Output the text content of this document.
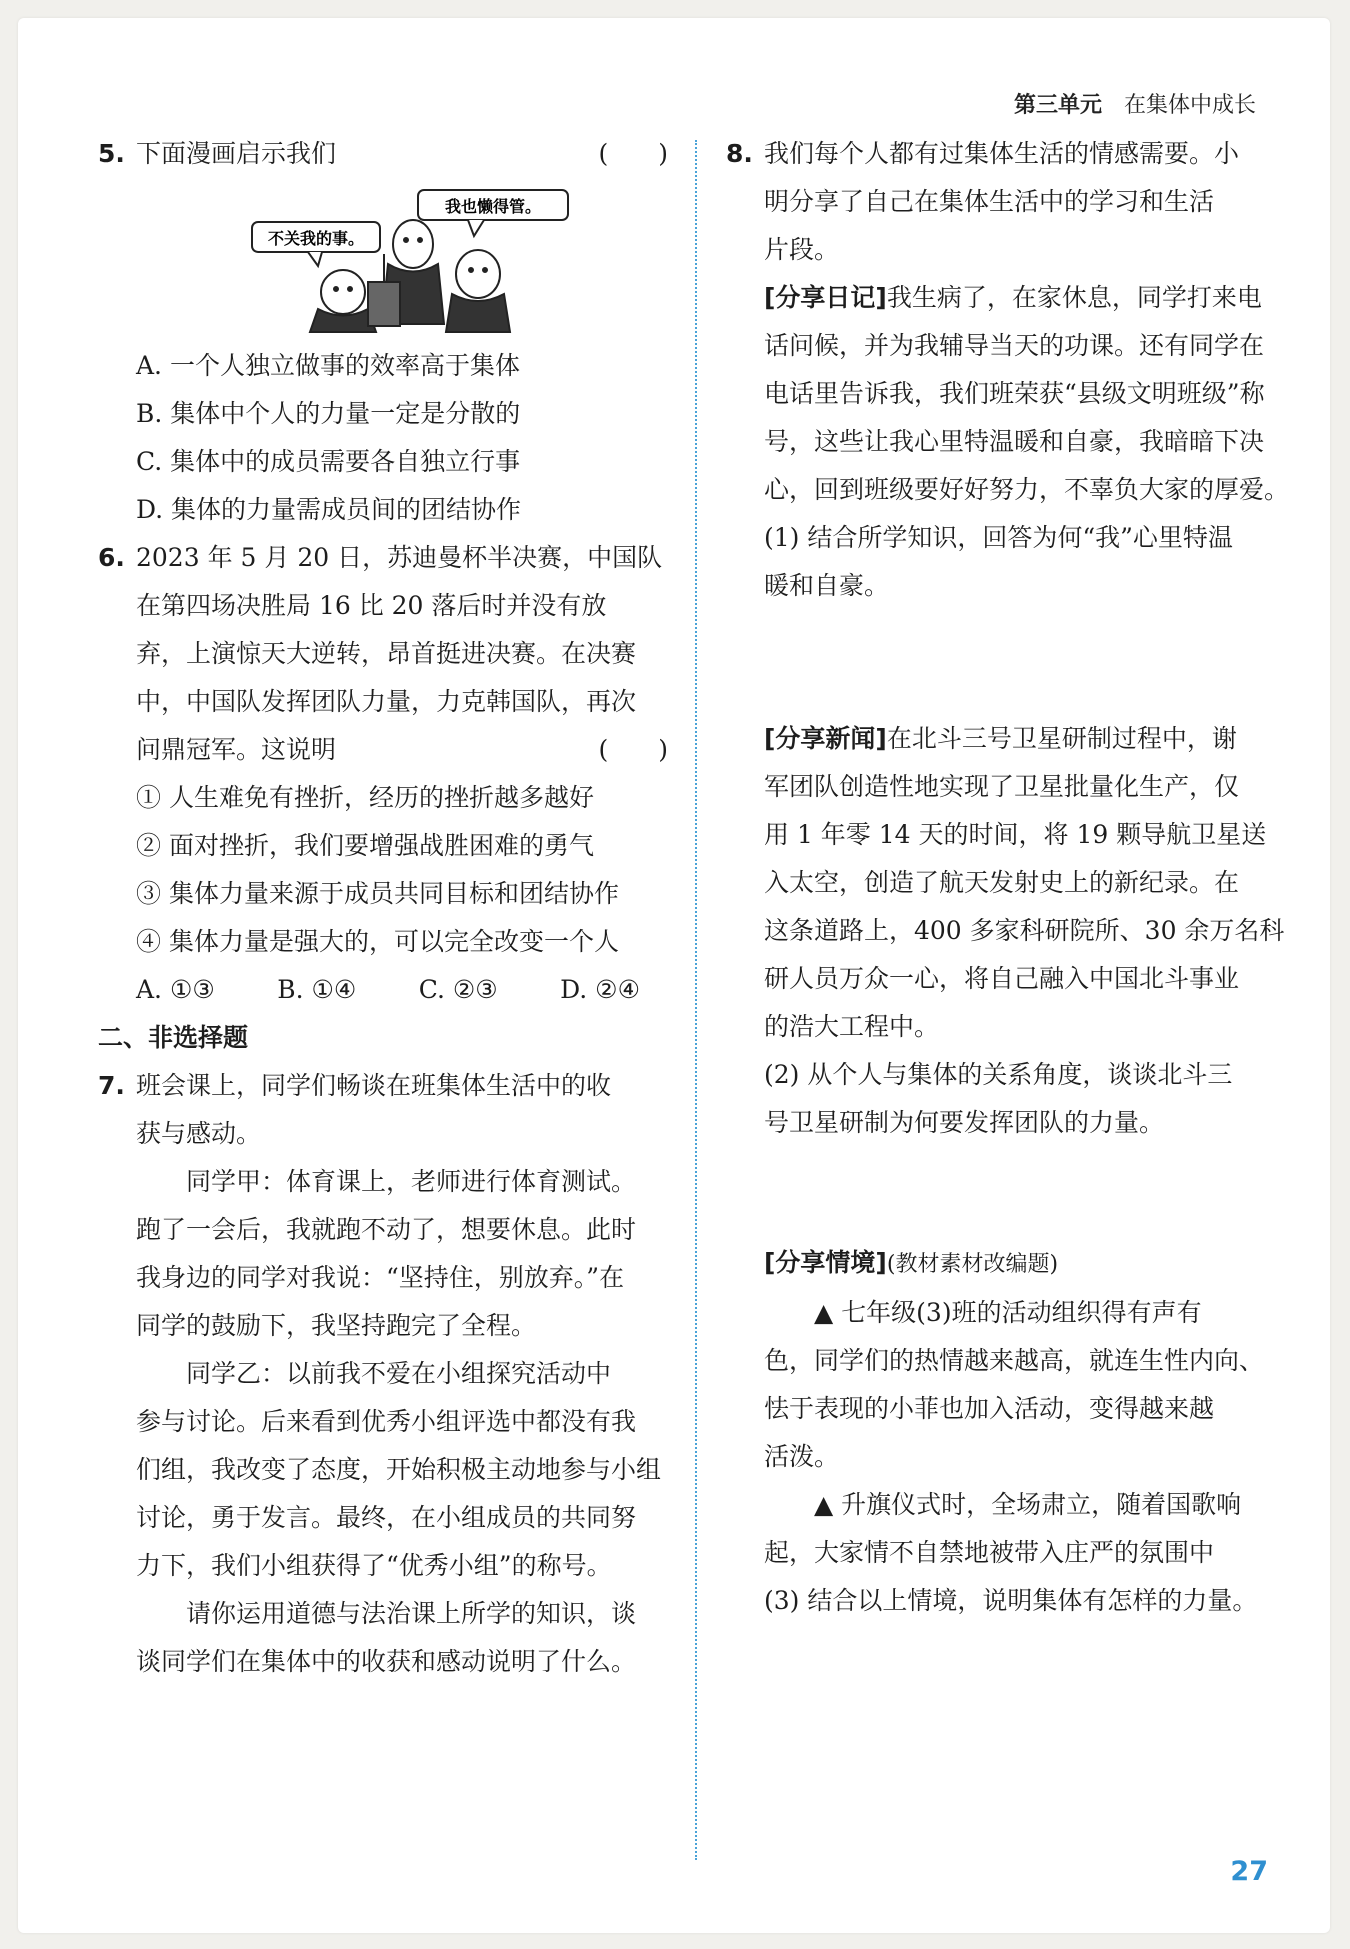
第三单元 在集体中成长
5. 下面漫画启示我们	(　　)
不关我的事。
我也懒得管。
A. 一个人独立做事的效率高于集体
B. 集体中个人的力量一定是分散的
C. 集体中的成员需要各自独立行事
D. 集体的力量需成员间的团结协作
6. 2023 年 5 月 20 日，苏迪曼杯半决赛，中国队
在第四场决胜局 16 比 20 落后时并没有放
弃，上演惊天大逆转，昂首挺进决赛。在决赛
中，中国队发挥团队力量，力克韩国队，再次
问鼎冠军。这说明	(　　)
① 人生难免有挫折，经历的挫折越多越好
② 面对挫折，我们要增强战胜困难的勇气
③ 集体力量来源于成员共同目标和团结协作
④ 集体力量是强大的，可以完全改变一个人
A. ①③ B. ①④ C. ②③ D. ②④
二、非选择题
7. 班会课上，同学们畅谈在班集体生活中的收
获与感动。
同学甲：体育课上，老师进行体育测试。
跑了一会后，我就跑不动了，想要休息。此时
我身边的同学对我说：“坚持住，别放弃。”在
同学的鼓励下，我坚持跑完了全程。
同学乙：以前我不爱在小组探究活动中
参与讨论。后来看到优秀小组评选中都没有我
们组，我改变了态度，开始积极主动地参与小组
讨论，勇于发言。最终，在小组成员的共同努
力下，我们小组获得了“优秀小组”的称号。
请你运用道德与法治课上所学的知识，谈
谈同学们在集体中的收获和感动说明了什么。
8. 我们每个人都有过集体生活的情感需要。小
明分享了自己在集体生活中的学习和生活
片段。
[分享日记]我生病了，在家休息，同学打来电
话问候，并为我辅导当天的功课。还有同学在
电话里告诉我，我们班荣获“县级文明班级”称
号，这些让我心里特温暖和自豪，我暗暗下决
心，回到班级要好好努力，不辜负大家的厚爱。
(1) 结合所学知识，回答为何“我”心里特温
暖和自豪。
[分享新闻]在北斗三号卫星研制过程中，谢
军团队创造性地实现了卫星批量化生产，仅
用 1 年零 14 天的时间，将 19 颗导航卫星送
入太空，创造了航天发射史上的新纪录。在
这条道路上，400 多家科研院所、30 余万名科
研人员万众一心，将自己融入中国北斗事业
的浩大工程中。
(2) 从个人与集体的关系角度，谈谈北斗三
号卫星研制为何要发挥团队的力量。
[分享情境](教材素材改编题)
▲ 七年级(3)班的活动组织得有声有
色，同学们的热情越来越高，就连生性内向、
怯于表现的小菲也加入活动，变得越来越
活泼。
▲ 升旗仪式时，全场肃立，随着国歌响
起，大家情不自禁地被带入庄严的氛围中
(3) 结合以上情境，说明集体有怎样的力量。
27
